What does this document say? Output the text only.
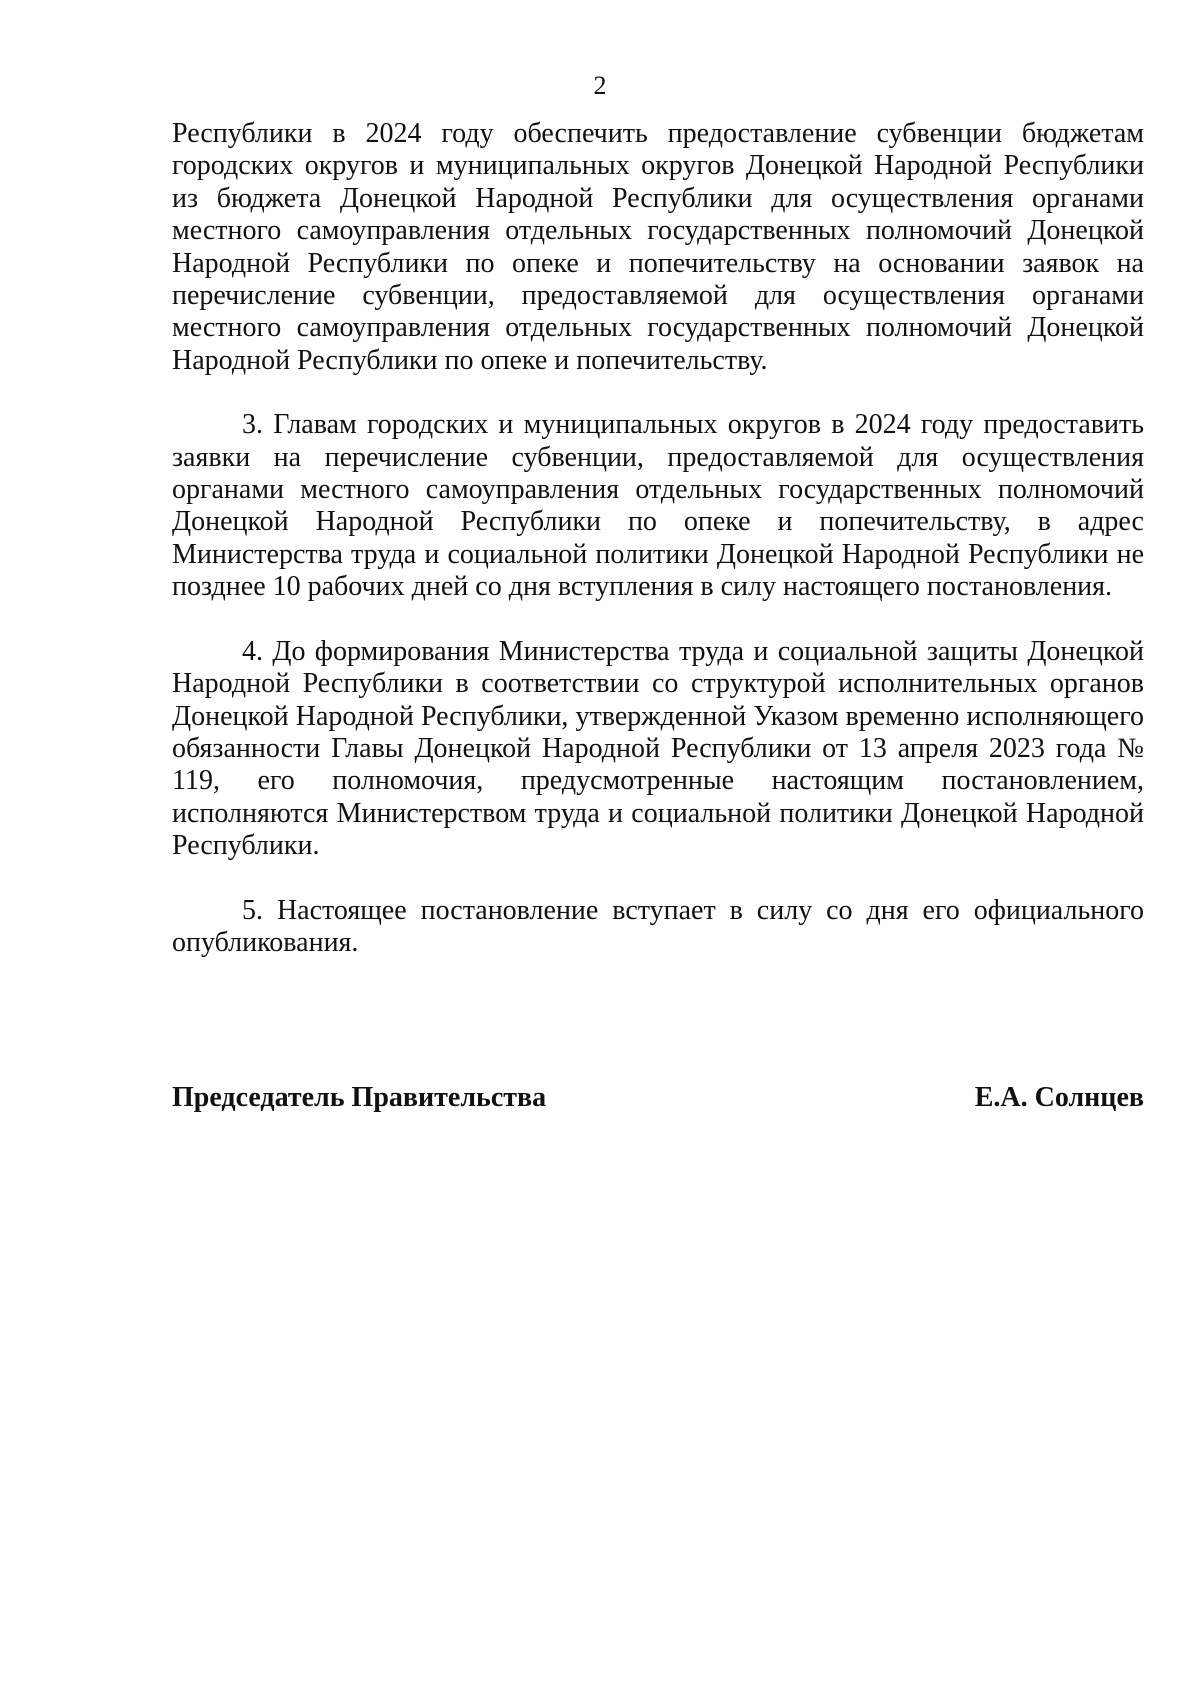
2

Республики в 2024 году обеспечить предоставление субвенции бюджетам городских округов и муниципальных округов Донецкой Народной Республики из бюджета Донецкой Народной Республики для осуществления органами местного самоуправления отдельных государственных полномочий Донецкой Народной Республики по опеке и попечительству на основании заявок на перечисление субвенции, предоставляемой для осуществления органами местного самоуправления отдельных государственных полномочий Донецкой Народной Республики по опеке и попечительству.

3. Главам городских и муниципальных округов в 2024 году предоставить заявки на перечисление субвенции, предоставляемой для осуществления органами местного самоуправления отдельных государственных полномочий Донецкой Народной Республики по опеке и попечительству, в адрес Министерства труда и социальной политики Донецкой Народной Республики не позднее 10 рабочих дней со дня вступления в силу настоящего постановления.

4. До формирования Министерства труда и социальной защиты Донецкой Народной Республики в соответствии со структурой исполнительных органов Донецкой Народной Республики, утвержденной Указом временно исполняющего обязанности Главы Донецкой Народной Республики от 13 апреля 2023 года № 119, его полномочия, предусмотренные настоящим постановлением, исполняются Министерством труда и социальной политики Донецкой Народной Республики.

5. Настоящее постановление вступает в силу со дня его официального опубликования.

Председатель Правительства	Е.А. Солнцев
